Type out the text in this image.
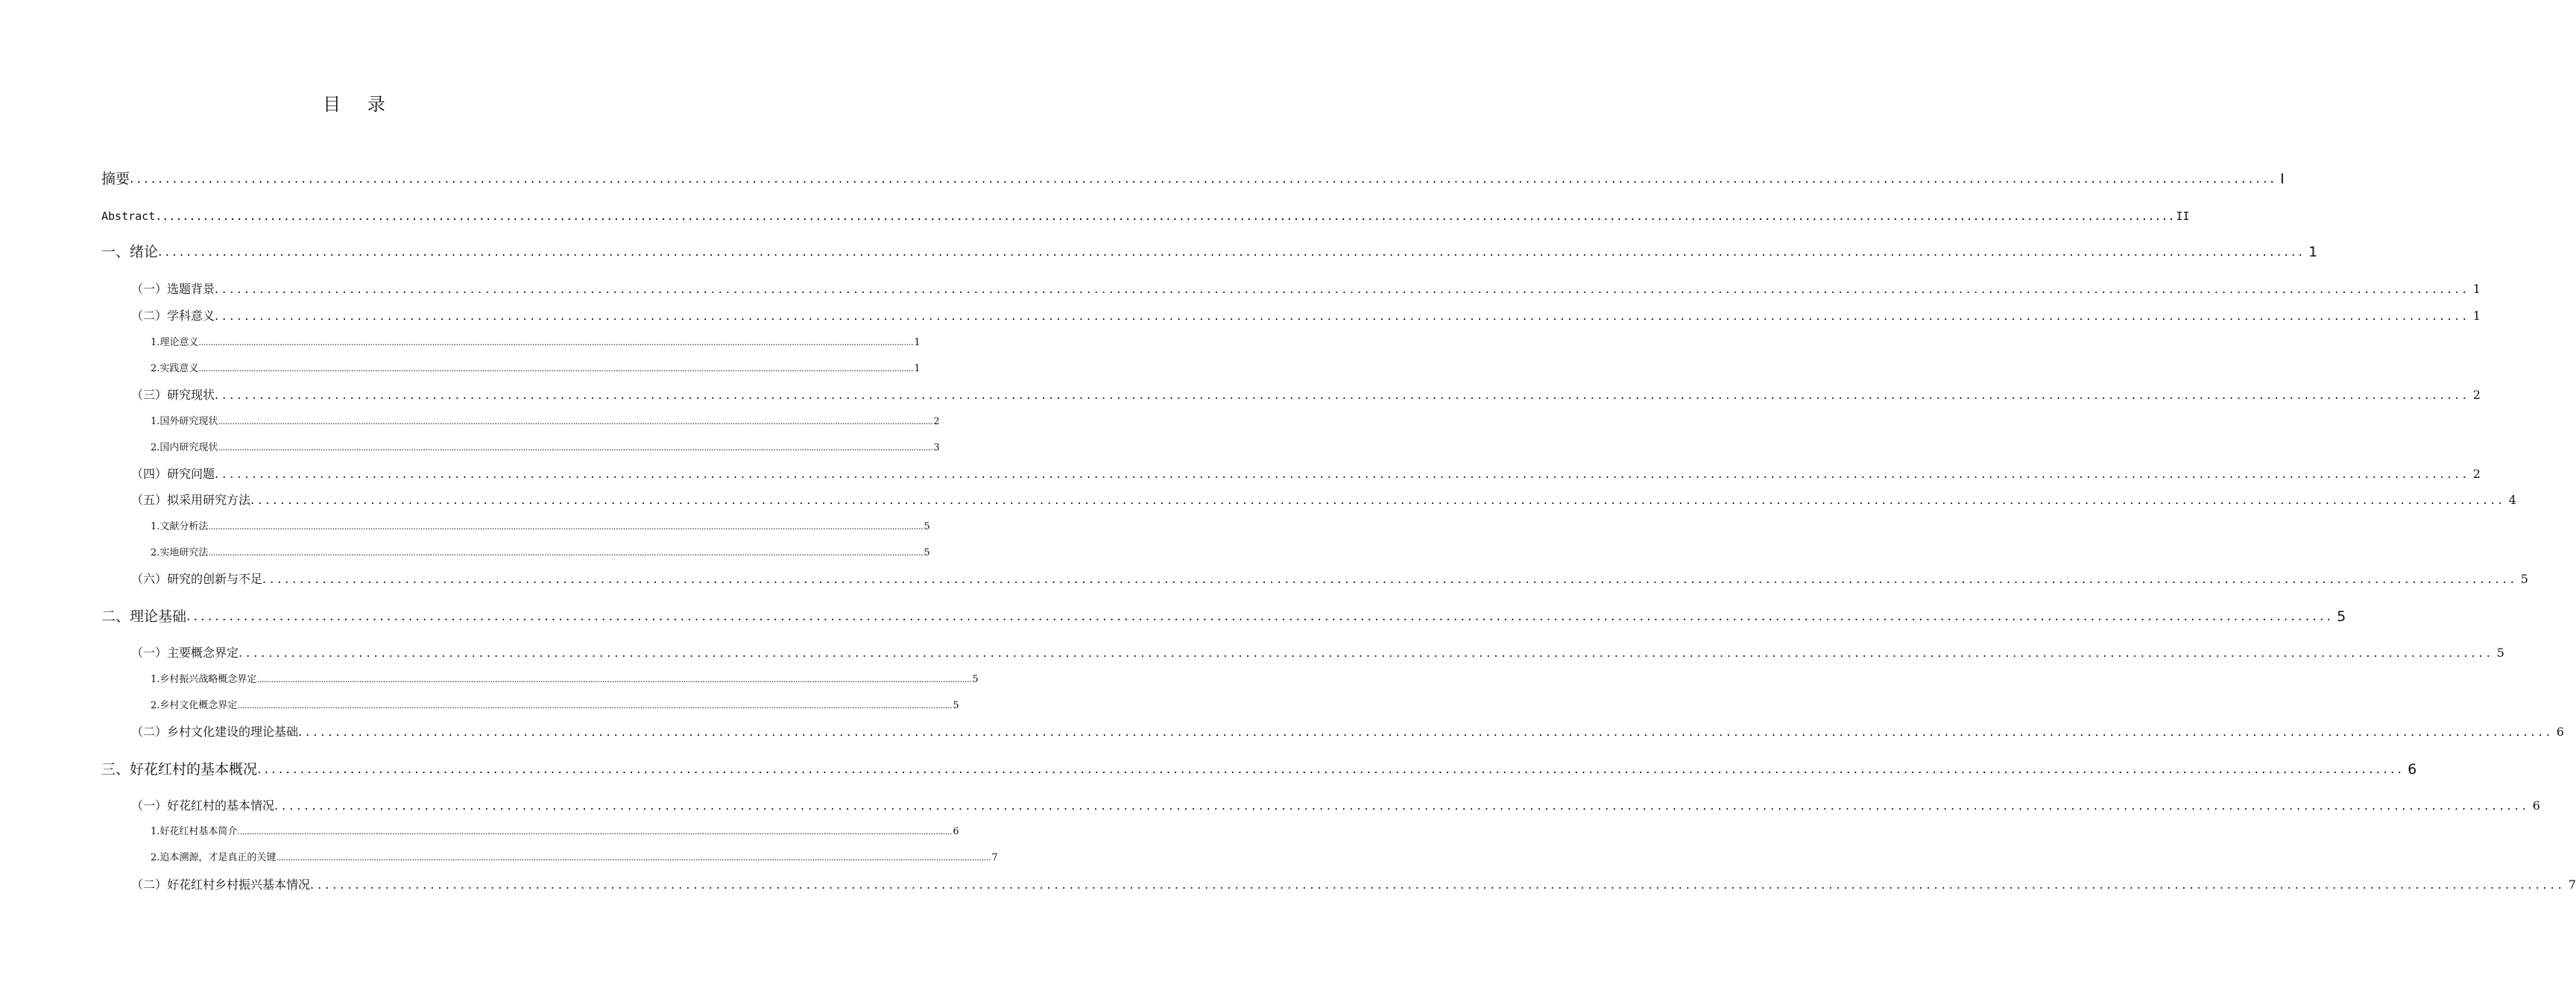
目 录
摘要 ............................................................................................................................................................................................................................................................................................................ I
Abstract ............................................................................................................................................................................................................................................................................................................ II
一、绪论 ............................................................................................................................................................................................................................................................................................................ 1
（一）选题背景 ............................................................................................................................................................................................................................................................................................................ 1
（二）学科意义 ............................................................................................................................................................................................................................................................................................................ 1
1.理论意义 ............................................................................................................................................................................................................................................................................................................ 1
2.实践意义 ............................................................................................................................................................................................................................................................................................................ 1
（三）研究现状 ............................................................................................................................................................................................................................................................................................................ 2
1.国外研究现状 ............................................................................................................................................................................................................................................................................................................ 2
2.国内研究现状 ............................................................................................................................................................................................................................................................................................................ 3
（四）研究问题 ............................................................................................................................................................................................................................................................................................................ 2
（五）拟采用研究方法 ............................................................................................................................................................................................................................................................................................................ 4
1.文献分析法 ............................................................................................................................................................................................................................................................................................................ 5
2.实地研究法 ............................................................................................................................................................................................................................................................................................................ 5
（六）研究的创新与不足 ............................................................................................................................................................................................................................................................................................................ 5
二、理论基础 ............................................................................................................................................................................................................................................................................................................ 5
（一）主要概念界定 ............................................................................................................................................................................................................................................................................................................ 5
1.乡村振兴战略概念界定 ............................................................................................................................................................................................................................................................................................................ 5
2.乡村文化概念界定 ............................................................................................................................................................................................................................................................................................................ 5
（二）乡村文化建设的理论基础 ............................................................................................................................................................................................................................................................................................................ 6
三、好花红村的基本概况 ............................................................................................................................................................................................................................................................................................................ 6
（一）好花红村的基本情况 ............................................................................................................................................................................................................................................................................................................ 6
1.好花红村基本简介 ............................................................................................................................................................................................................................................................................................................ 6
2.追本溯源，才是真正的关键 ............................................................................................................................................................................................................................................................................................................ 7
（二）好花红村乡村振兴基本情况 ............................................................................................................................................................................................................................................................................................................ 7
